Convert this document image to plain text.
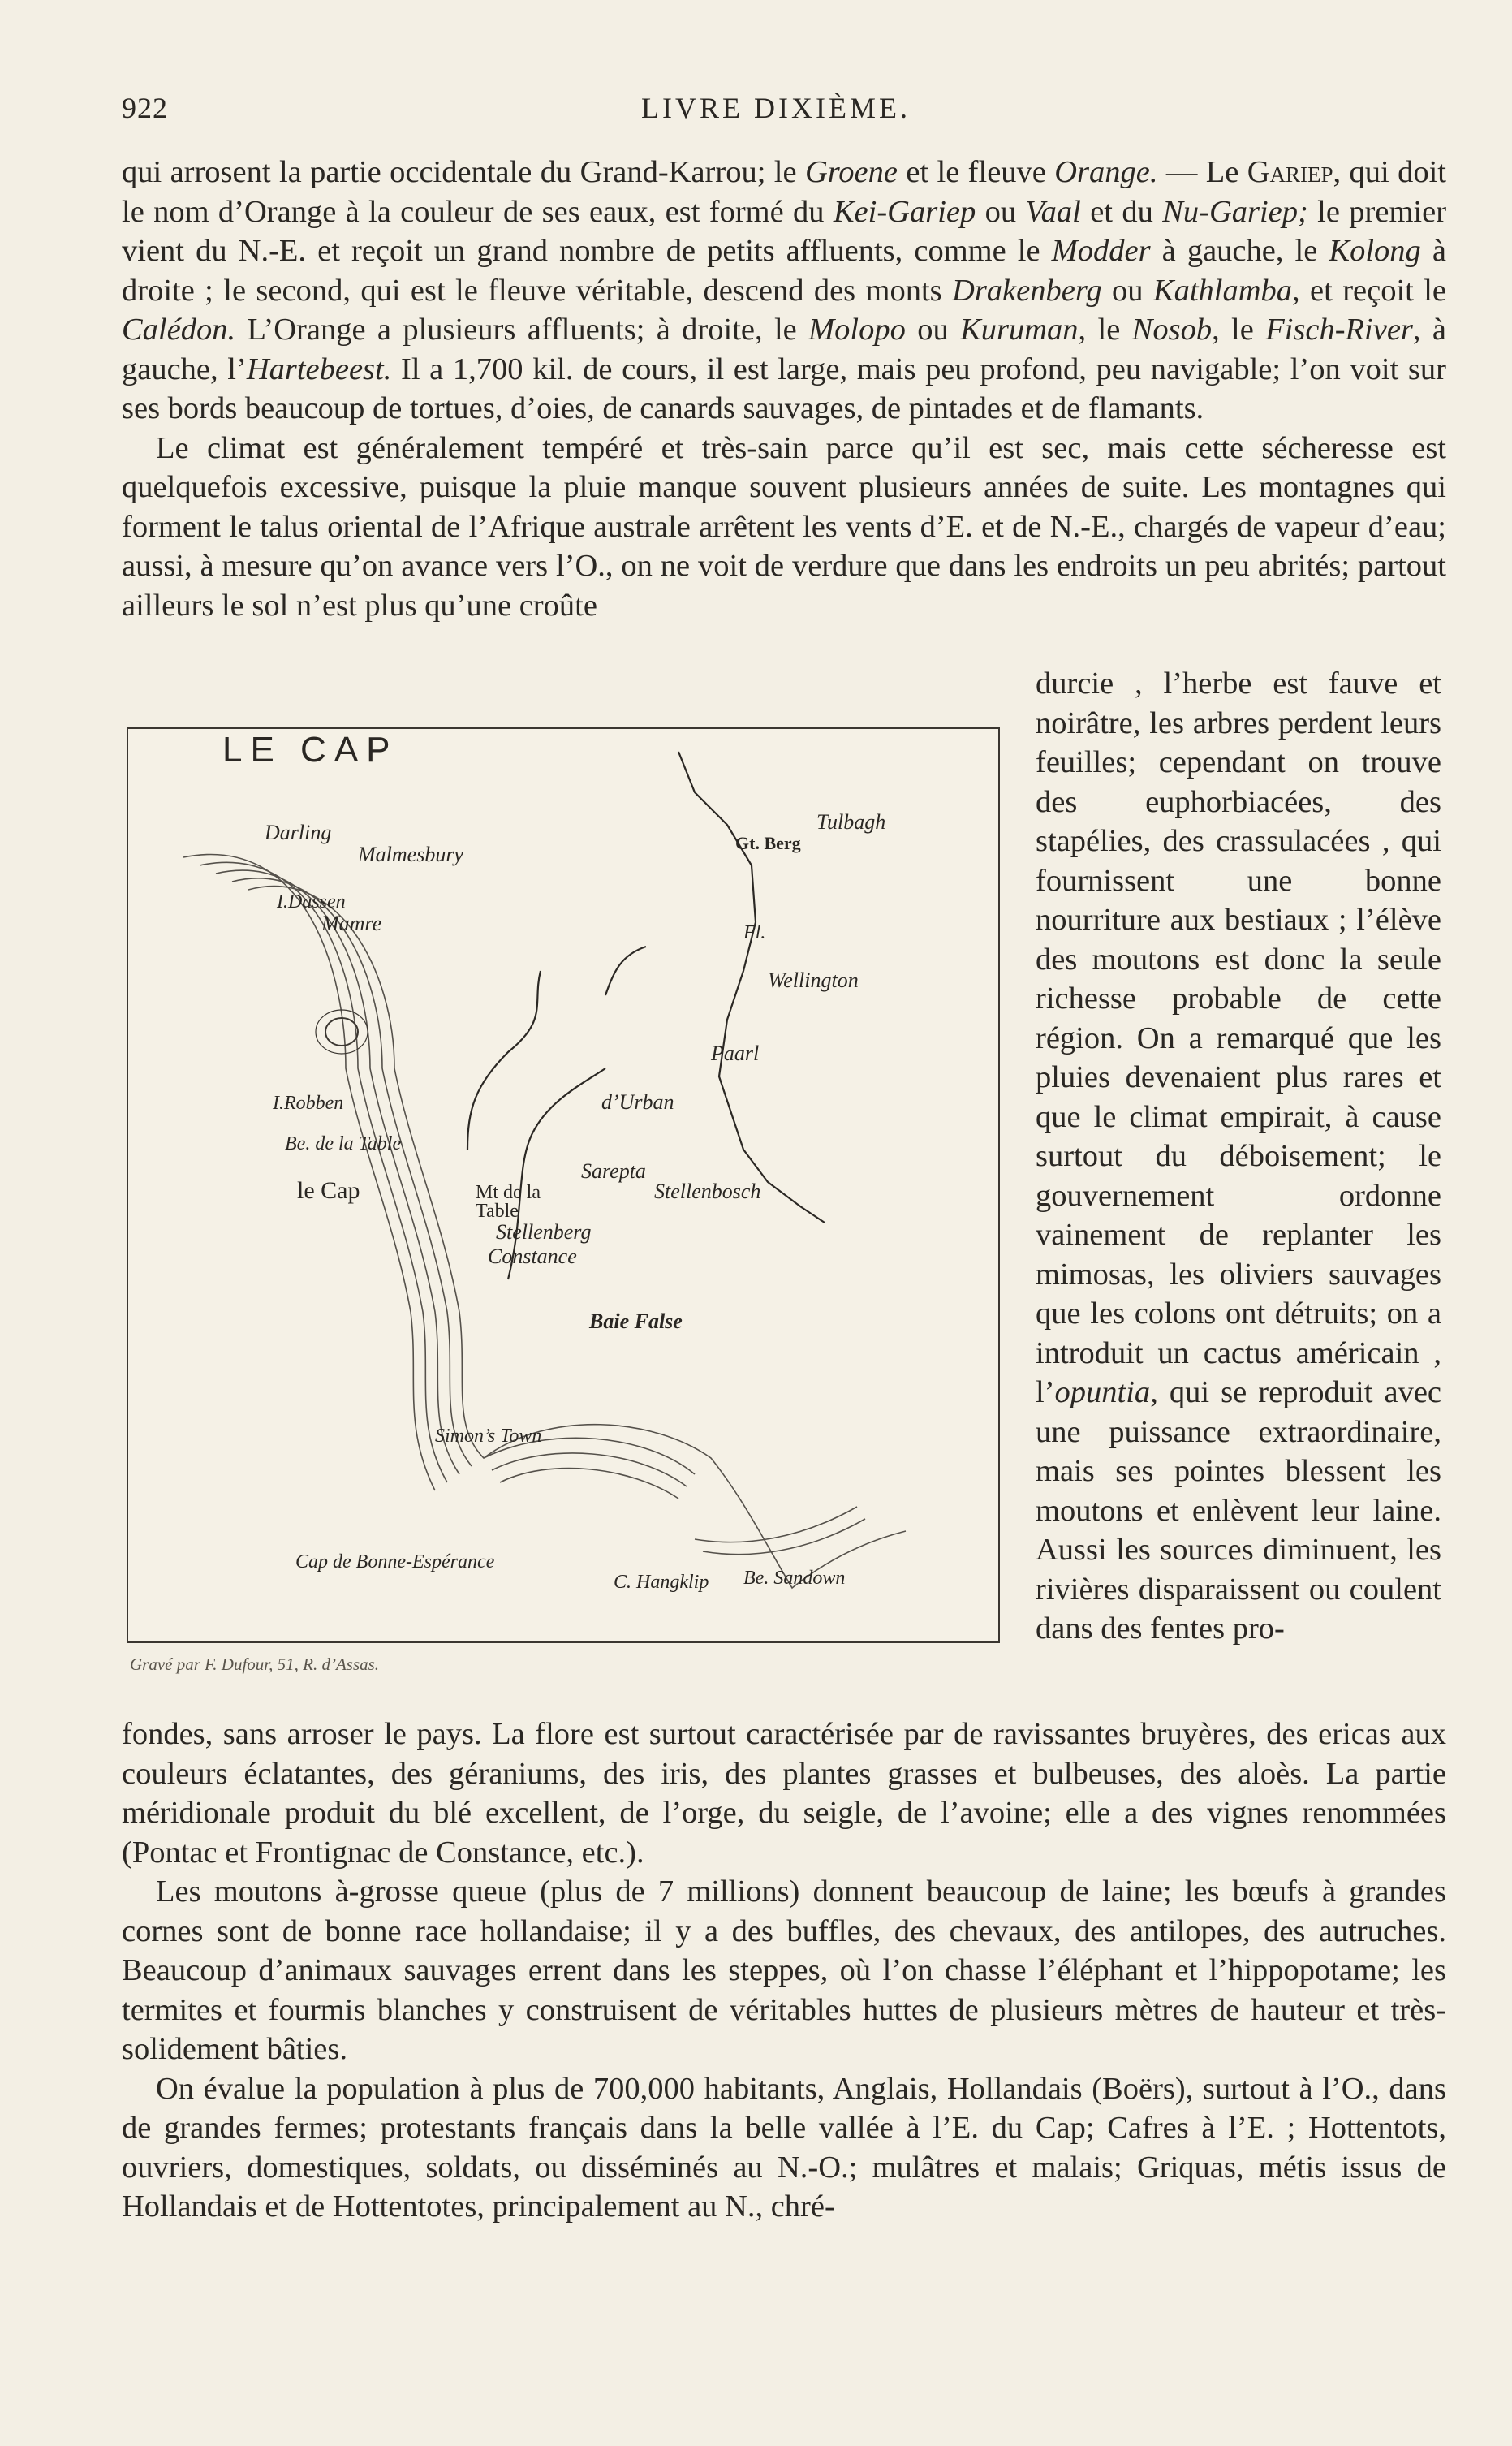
922	LIVRE DIXIÈME.

qui arrosent la partie occidentale du Grand-Karrou; le Groene et le fleuve Orange. — Le Gariep, qui doit le nom d’Orange à la couleur de ses eaux, est formé du Kei-Gariep ou Vaal et du Nu-Gariep; le premier vient du N.-E. et reçoit un grand nombre de petits affluents, comme le Modder à gauche, le Kolong à droite ; le second, qui est le fleuve véritable, descend des monts Drakenberg ou Kathlamba, et reçoit le Calédon. L’Orange a plusieurs affluents; à droite, le Molopo ou Kuruman, le Nosob, le Fisch-River, à gauche, l’Hartebeest. Il a 1,700 kil. de cours, il est large, mais peu profond, peu navigable; l’on voit sur ses bords beaucoup de tortues, d’oies, de canards sauvages, de pintades et de flamants.

Le climat est généralement tempéré et très-sain parce qu’il est sec, mais cette sécheresse est quelquefois excessive, puisque la pluie manque souvent plusieurs années de suite. Les montagnes qui forment le talus oriental de l’Afrique australe arrêtent les vents d’E. et de N.-E., chargés de vapeur d’eau; aussi, à mesure qu’on avance vers l’O., on ne voit de verdure que dans les endroits un peu abrités; partout ailleurs le sol n’est plus qu’une croûte

durcie , l’herbe est fauve et noirâtre, les arbres perdent leurs feuilles; cependant on trouve des euphorbiacées, des stapélies, des crassulacées , qui fournissent une bonne nourriture aux bestiaux ; l’élève des moutons est donc la seule richesse probable de cette région. On a remarqué que les pluies devenaient plus rares et que le climat empirait, à cause surtout du déboisement; le gouvernement ordonne vainement de replanter les mimosas, les oliviers sauvages que les colons ont détruits; on a introduit un cactus américain , l’opuntia, qui se reproduit avec une puissance extraordinaire, mais ses pointes blessent les moutons et enlèvent leur laine. Aussi les sources diminuent, les rivières disparaissent ou coulent dans des fentes pro-

fondes, sans arroser le pays. La flore est surtout caractérisée par de ravissantes bruyères, des ericas aux couleurs éclatantes, des géraniums, des iris, des plantes grasses et bulbeuses, des aloès. La partie méridionale produit du blé excellent, de l’orge, du seigle, de l’avoine; elle a des vignes renommées (Pontac et Frontignac de Constance, etc.).

Les moutons à-grosse queue (plus de 7 millions) donnent beaucoup de laine; les bœufs à grandes cornes sont de bonne race hollandaise; il y a des buffles, des chevaux, des antilopes, des autruches. Beaucoup d’animaux sauvages errent dans les steppes, où l’on chasse l’éléphant et l’hippopotame; les termites et fourmis blanches y construisent de véritables huttes de plusieurs mètres de hauteur et très-solidement bâties.

On évalue la population à plus de 700,000 habitants, Anglais, Hollandais (Boërs), surtout à l’O., dans de grandes fermes; protestants français dans la belle vallée à l’E. du Cap; Cafres à l’E. ; Hottentots, ouvriers, domestiques, soldats, ou disséminés au N.-O.; mulâtres et malais; Griquas, métis issus de Hollandais et de Hottentotes, principalement au N., chré-

LE CAP
Darling
Malmesbury
I.Dassen
Mamre
Tulbagh
Gt. Berg
Fl.
Wellington
Paarl
d’Urban
I.Robben
Be. de la Table
le Cap	Mt de la
Table
Sarepta
Stellenbosch
Stellenberg
Constance
Baie False
Simon’s Town
Cap de Bonne-Espérance
C. Hangklip Be. Sandown
Gravé par F. Dufour, 51, R. d’Assas.
